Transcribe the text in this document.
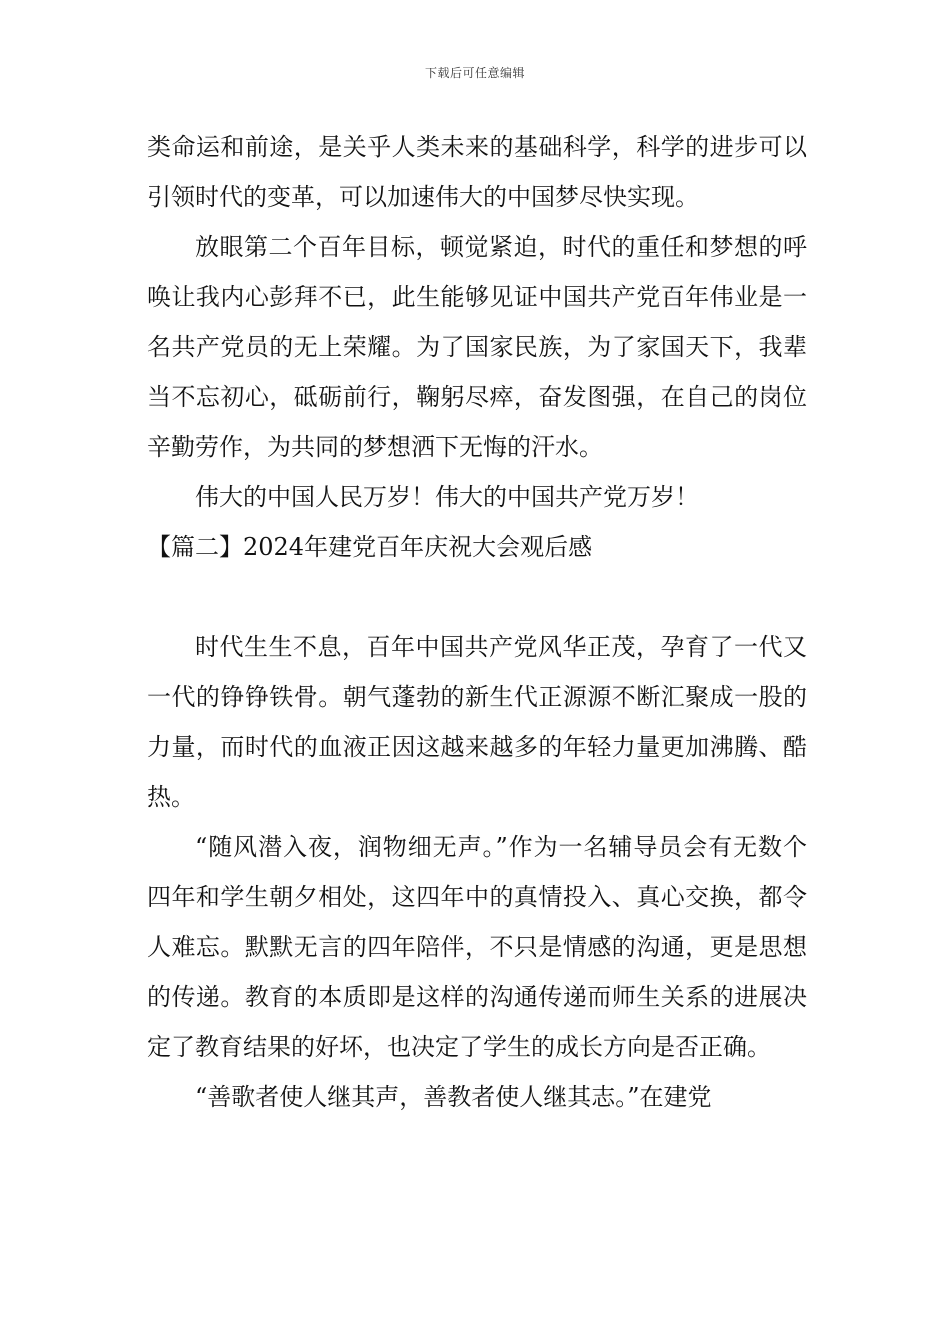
下载后可任意编辑

类命运和前途，是关乎人类未来的基础科学，科学的进步可以引领时代的变革，可以加速伟大的中国梦尽快实现。

放眼第二个百年目标，顿觉紧迫，时代的重任和梦想的呼唤让我内心彭拜不已，此生能够见证中国共产党百年伟业是一名共产党员的无上荣耀。为了国家民族，为了家国天下，我辈当不忘初心，砥砺前行，鞠躬尽瘁，奋发图强，在自己的岗位辛勤劳作，为共同的梦想洒下无悔的汗水。

伟大的中国人民万岁！伟大的中国共产党万岁！

【篇二】2024年建党百年庆祝大会观后感

时代生生不息，百年中国共产党风华正茂，孕育了一代又一代的铮铮铁骨。朝气蓬勃的新生代正源源不断汇聚成一股的力量，而时代的血液正因这越来越多的年轻力量更加沸腾、酷热。

“随风潜入夜，润物细无声。”作为一名辅导员会有无数个四年和学生朝夕相处，这四年中的真情投入、真心交换，都令人难忘。默默无言的四年陪伴，不只是情感的沟通，更是思想的传递。教育的本质即是这样的沟通传递而师生关系的进展决定了教育结果的好坏，也决定了学生的成长方向是否正确。

“善歌者使人继其声，善教者使人继其志。”在建党
